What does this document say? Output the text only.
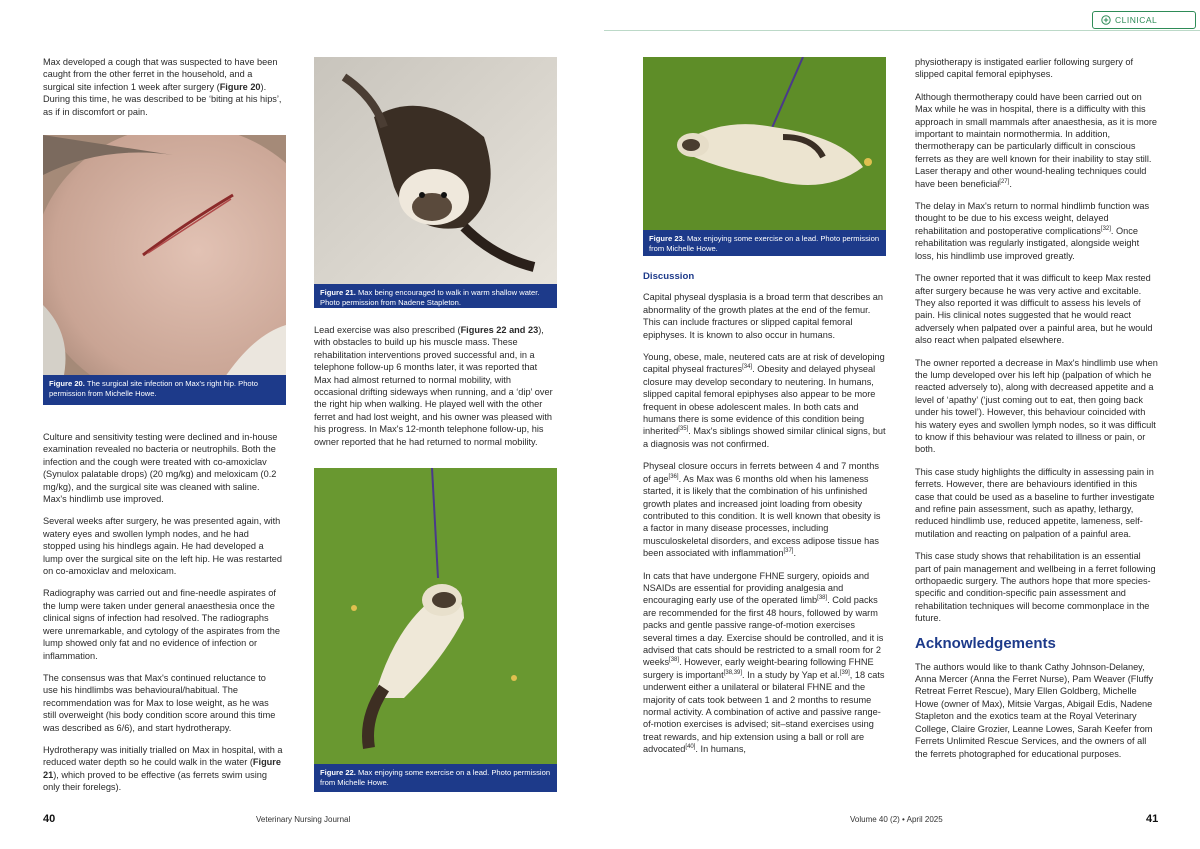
CLINICAL

Max developed a cough that was suspected to have been caught from the other ferret in the household, and a surgical site infection 1 week after surgery (Figure 20). During this time, he was described to be ‘biting at his hips’, as if in discomfort or pain.

Figure 20. The surgical site infection on Max's right hip. Photo permission from Michelle Howe.

Culture and sensitivity testing were declined and in-house examination revealed no bacteria or neutrophils. Both the infection and the cough were treated with co-amoxiclav (Synulox palatable drops) (20 mg/kg) and meloxicam (0.2 mg/kg), and the surgical site was cleaned with saline. Max's hindlimb use improved.

Several weeks after surgery, he was presented again, with watery eyes and swollen lymph nodes, and he had stopped using his hindlegs again. He had developed a lump over the surgical site on the left hip. He was restarted on co-amoxiclav and meloxicam.

Radiography was carried out and fine-needle aspirates of the lump were taken under general anaesthesia once the clinical signs of infection had resolved. The radiographs were unremarkable, and cytology of the aspirates from the lump showed only fat and no evidence of infection or inflammation.

The consensus was that Max's continued reluctance to use his hindlimbs was behavioural/habitual. The recommendation was for Max to lose weight, as he was still overweight (his body condition score around this time was described as 6/6), and start hydrotherapy.

Hydrotherapy was initially trialled on Max in hospital, with a reduced water depth so he could walk in the water (Figure 21), which proved to be effective (as ferrets swim using only their forelegs).

Figure 21. Max being encouraged to walk in warm shallow water. Photo permission from Nadene Stapleton.

Lead exercise was also prescribed (Figures 22 and 23), with obstacles to build up his muscle mass. These rehabilitation interventions proved successful and, in a telephone follow-up 6 months later, it was reported that Max had almost returned to normal mobility, with occasional drifting sideways when running, and a ‘dip’ over the right hip when walking. He played well with the other ferret and had lost weight, and his owner was pleased with his progress. In Max's 12-month telephone follow-up, his owner reported that he had returned to normal mobility.

Figure 22. Max enjoying some exercise on a lead. Photo permission from Michelle Howe.
Figure 23. Max enjoying some exercise on a lead. Photo permission from Michelle Howe.
Discussion

Capital physeal dysplasia is a broad term that describes an abnormality of the growth plates at the end of the femur. This can include fractures or slipped capital femoral epiphyses. It is known to also occur in humans.

Young, obese, male, neutered cats are at risk of developing capital physeal fractures[34]. Obesity and delayed physeal closure may develop secondary to neutering. In humans, slipped capital femoral epiphyses also appear to be more frequent in obese adolescent males. In both cats and humans there is some evidence of this condition being inherited[35]. Max's siblings showed similar clinical signs, but a diagnosis was not confirmed.

Physeal closure occurs in ferrets between 4 and 7 months of age[36]. As Max was 6 months old when his lameness started, it is likely that the combination of his unfinished growth plates and increased joint loading from obesity contributed to this condition. It is well known that obesity is a factor in many disease processes, including musculoskeletal disorders, and excess adipose tissue has been associated with inflammation[37].

In cats that have undergone FHNE surgery, opioids and NSAIDs are essential for providing analgesia and encouraging early use of the operated limb[38]. Cold packs are recommended for the first 48 hours, followed by warm packs and gentle passive range-of-motion exercises several times a day. Exercise should be controlled, and it is advised that cats should be restricted to a small room for 2 weeks[38]. However, early weight-bearing following FHNE surgery is important[38,39]. In a study by Yap et al.[39], 18 cats underwent either a unilateral or bilateral FHNE and the majority of cats took between 1 and 2 months to resume normal activity. A combination of active and passive range-of-motion exercises is advised; sit–stand exercises using treat rewards, and hip extension using a ball or roll are advocated[40]. In humans,

physiotherapy is instigated earlier following surgery of slipped capital femoral epiphyses.

Although thermotherapy could have been carried out on Max while he was in hospital, there is a difficulty with this approach in small mammals after anaesthesia, as it is more important to maintain normothermia. In addition, thermotherapy can be particularly difficult in conscious ferrets as they are well known for their inability to stay still. Laser therapy and other wound-healing techniques could have been beneficial[27].

The delay in Max's return to normal hindlimb function was thought to be due to his excess weight, delayed rehabilitation and postoperative complications[32]. Once rehabilitation was regularly instigated, alongside weight loss, his hindlimb use improved greatly.

The owner reported that it was difficult to keep Max rested after surgery because he was very active and excitable. They also reported it was difficult to assess his levels of pain. His clinical notes suggested that he would react adversely when palpated over a painful area, but he would also react when palpated elsewhere.

The owner reported a decrease in Max's hindlimb use when the lump developed over his left hip (palpation of which he reacted adversely to), along with decreased appetite and a level of ‘apathy’ (‘just coming out to eat, then going back under his towel’). However, this behaviour coincided with his watery eyes and swollen lymph nodes, so it was difficult to know if this behaviour was related to illness or pain, or both.

This case study highlights the difficulty in assessing pain in ferrets. However, there are behaviours identified in this case that could be used as a baseline to further investigate and refine pain assessment, such as apathy, lethargy, reduced hindlimb use, reduced appetite, lameness, self-mutilation and reacting on palpation of a painful area.

This case study shows that rehabilitation is an essential part of pain management and wellbeing in a ferret following orthopaedic surgery. The authors hope that more species-specific and condition-specific pain assessment and rehabilitation techniques will become commonplace in the future.

Acknowledgements

The authors would like to thank Cathy Johnson-Delaney, Anna Mercer (Anna the Ferret Nurse), Pam Weaver (Fluffy Retreat Ferret Rescue), Mary Ellen Goldberg, Michelle Howe (owner of Max), Mitsie Vargas, Abigail Edis, Nadene Stapleton and the exotics team at the Royal Veterinary College, Claire Grozier, Leanne Lowes, Sarah Keefer from Ferrets Unlimited Rescue Services, and the owners of all the ferrets photographed for educational purposes.

40	Veterinary Nursing Journal	Volume 40 (2) • April 2025	41
